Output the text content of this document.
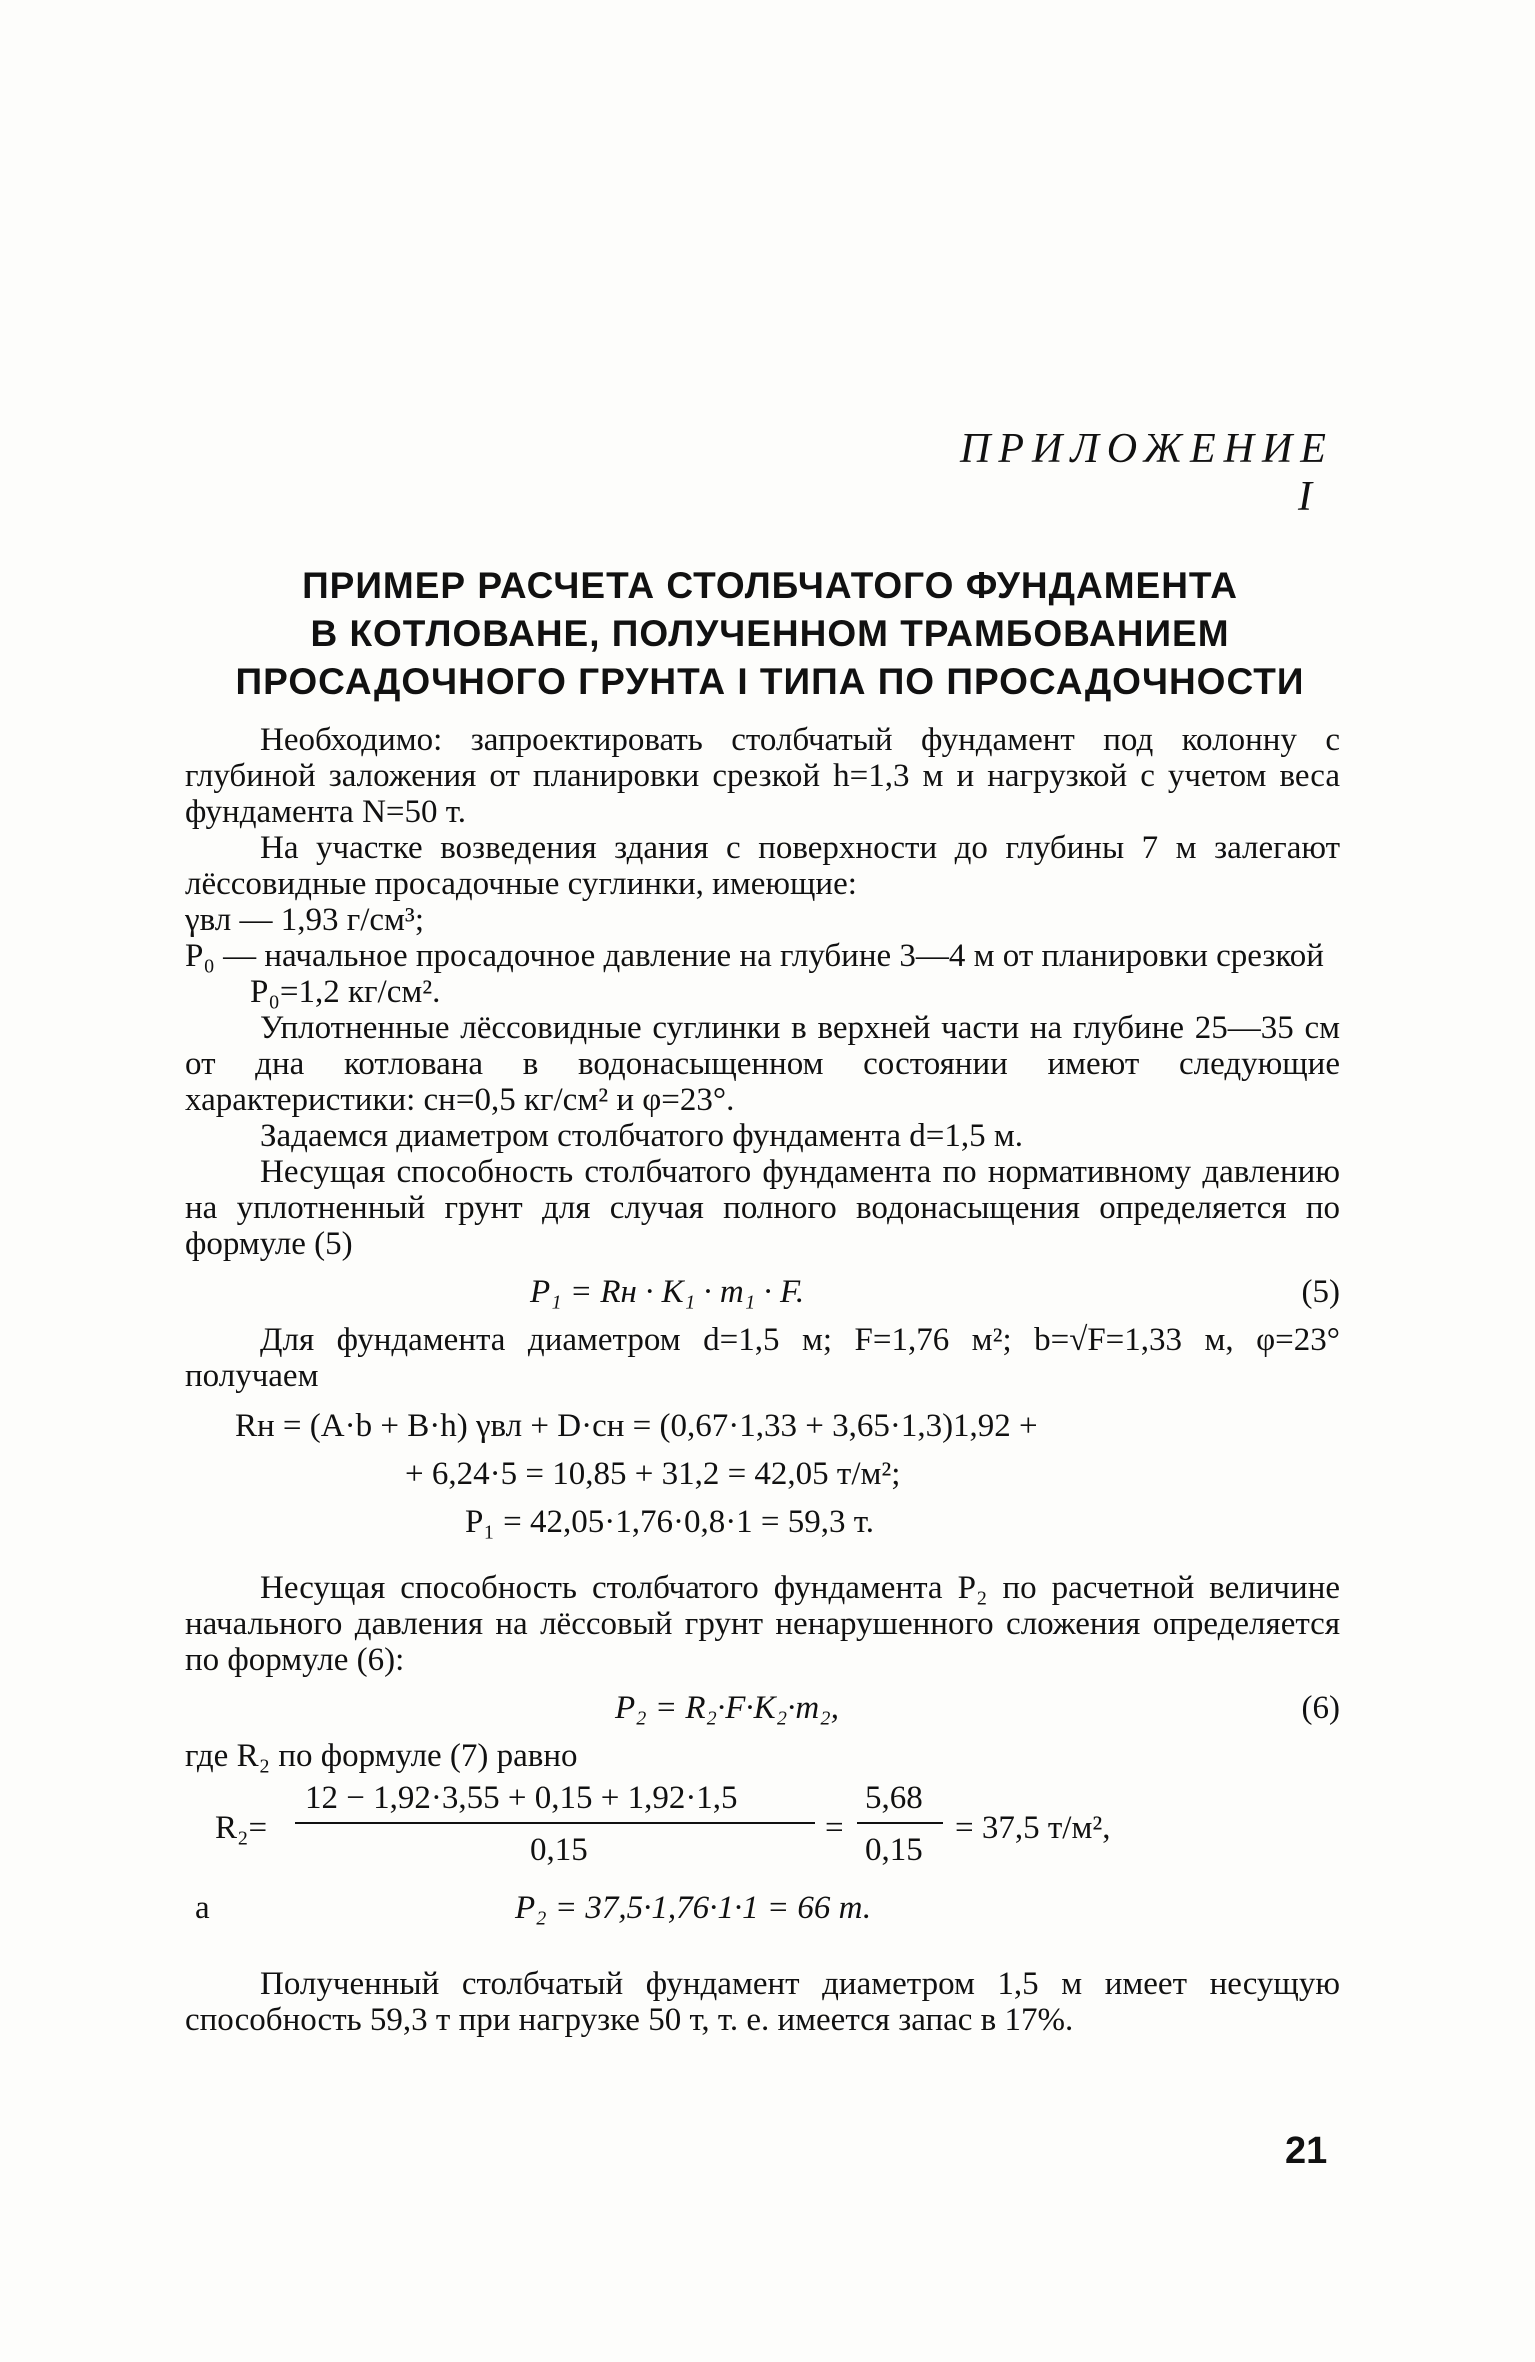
ПРИЛОЖЕНИЕ I
ПРИМЕР РАСЧЕТА СТОЛБЧАТОГО ФУНДАМЕНТА
В КОТЛОВАНЕ, ПОЛУЧЕННОМ ТРАМБОВАНИЕМ
ПРОСАДОЧНОГО ГРУНТА I ТИПА ПО ПРОСАДОЧНОСТИ

Необходимо: запроектировать столбчатый фундамент под колонну с глубиной заложения от планировки срезкой h=1,3 м и нагрузкой с учетом веса фундамента N=50 т.

На участке возведения здания с поверхности до глубины 7 м залегают лёссовидные просадочные суглинки, имеющие:

γвл — 1,93 г/см³;

P₀ — начальное просадочное давление на глубине 3—4 м от планировки срезкой P₀=1,2 кг/см².

Уплотненные лёссовидные суглинки в верхней части на глубине 25—35 см от дна котлована в водонасыщенном состоянии имеют следующие характеристики: cн=0,5 кг/см² и φ=23°.

Задаемся диаметром столбчатого фундамента d=1,5 м.

Несущая способность столбчатого фундамента по нормативному давлению на уплотненный грунт для случая полного водонасыщения определяется по формуле (5)

P₁ = Rн · K₁ · m₁ · F.	(5)

Для фундамента диаметром d=1,5 м; F=1,76 м²; b=√F=1,33 м, φ=23° получаем

Rн = (A·b + B·h) γвл + D·cн = (0,67·1,33 + 3,65·1,3)1,92 +
+ 6,24·5 = 10,85 + 31,2 = 42,05 т/м²;
P₁ = 42,05·1,76·0,8·1 = 59,3 т.

Несущая способность столбчатого фундамента P₂ по расчетной величине начального давления на лёссовый грунт ненарушенного сложения определяется по формуле (6):

P₂ = R₂·F·K₂·m₂,	(6)

где R₂ по формуле (7) равно

R₂=
12 − 1,92·3,55 + 0,15 + 1,92·1,5
0,15
=
5,68
0,15
= 37,5 т/м²,
а	P₂ = 37,5·1,76·1·1 = 66 т.

Полученный столбчатый фундамент диаметром 1,5 м имеет несущую способность 59,3 т при нагрузке 50 т, т. е. имеется запас в 17%.

21
